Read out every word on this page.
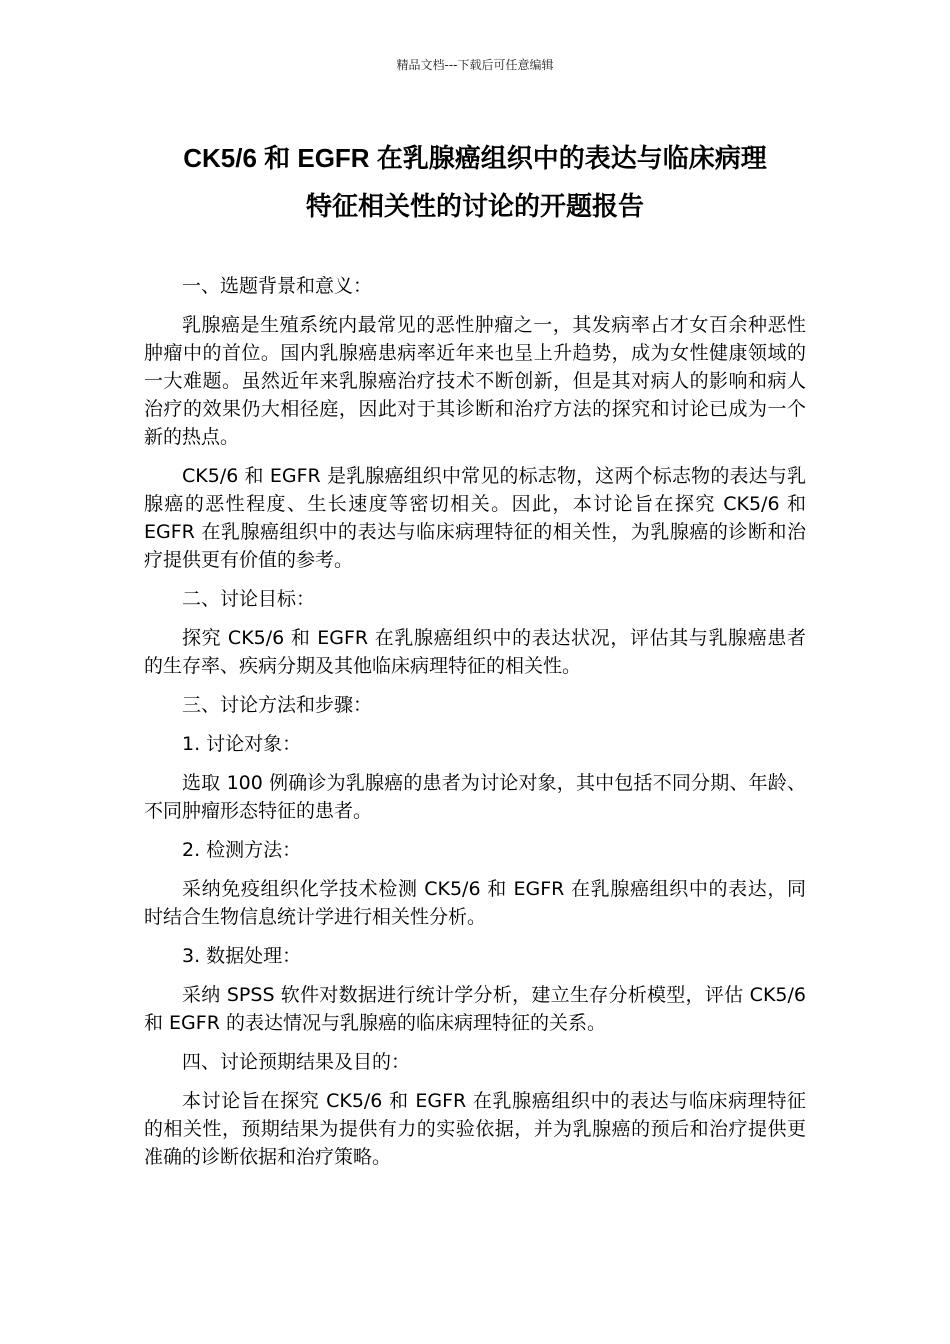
精品文档---下载后可任意编辑
CK5/6 和 EGFR 在乳腺癌组织中的表达与临床病理
特征相关性的讨论的开题报告

一、选题背景和意义：

乳腺癌是生殖系统内最常见的恶性肿瘤之一，其发病率占才女百余种恶性肿瘤中的首位。国内乳腺癌患病率近年来也呈上升趋势，成为女性健康领域的一大难题。虽然近年来乳腺癌治疗技术不断创新，但是其对病人的影响和病人治疗的效果仍大相径庭，因此对于其诊断和治疗方法的探究和讨论已成为一个新的热点。

CK5/6 和 EGFR 是乳腺癌组织中常见的标志物，这两个标志物的表达与乳腺癌的恶性程度、生长速度等密切相关。因此，本讨论旨在探究 CK5/6 和 EGFR 在乳腺癌组织中的表达与临床病理特征的相关性，为乳腺癌的诊断和治疗提供更有价值的参考。

二、讨论目标：

探究 CK5/6 和 EGFR 在乳腺癌组织中的表达状况，评估其与乳腺癌患者的生存率、疾病分期及其他临床病理特征的相关性。

三、讨论方法和步骤：

1. 讨论对象：

选取 100 例确诊为乳腺癌的患者为讨论对象，其中包括不同分期、年龄、不同肿瘤形态特征的患者。

2. 检测方法：

采纳免疫组织化学技术检测 CK5/6 和 EGFR 在乳腺癌组织中的表达，同时结合生物信息统计学进行相关性分析。

3. 数据处理：

采纳 SPSS 软件对数据进行统计学分析，建立生存分析模型，评估 CK5/6 和 EGFR 的表达情况与乳腺癌的临床病理特征的关系。

四、讨论预期结果及目的：

本讨论旨在探究 CK5/6 和 EGFR 在乳腺癌组织中的表达与临床病理特征的相关性，预期结果为提供有力的实验依据，并为乳腺癌的预后和治疗提供更准确的诊断依据和治疗策略。
